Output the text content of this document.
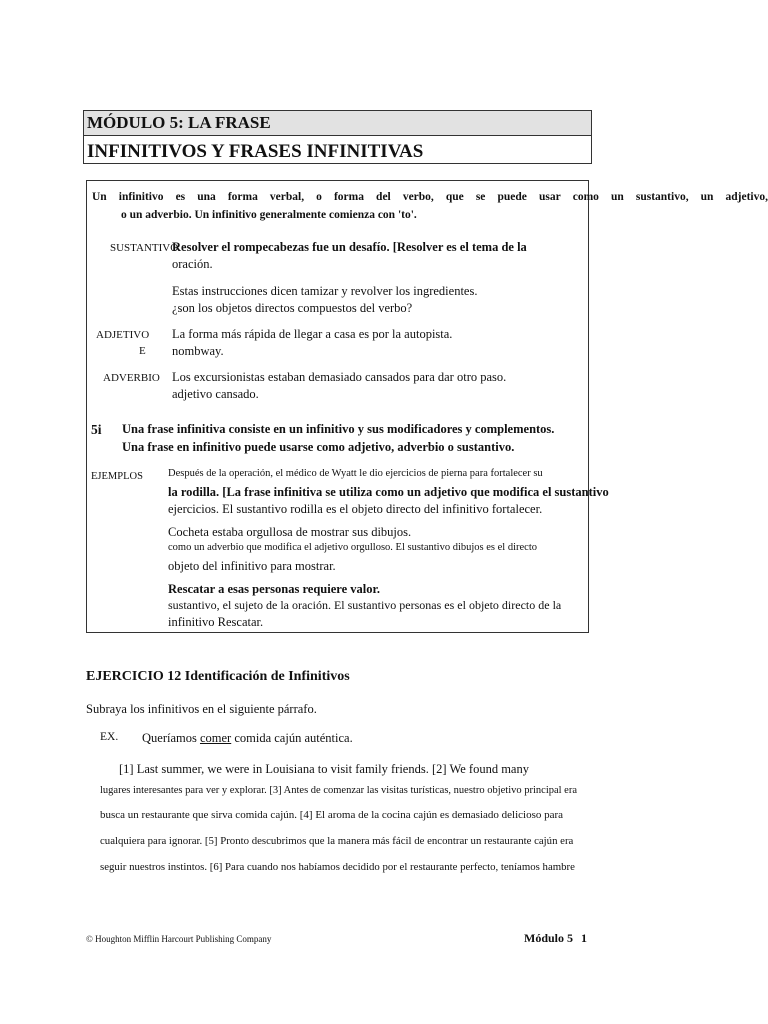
MÓDULO 5: LA FRASE
INFINITIVOS Y FRASES INFINITIVAS
Un infinitivo es una forma verbal, o forma del verbo, que se puede usar como un sustantivo, un adjetivo,
o un adverbio. Un infinitivo generalmente comienza con 'to'.
SUSTANTIVO
Resolver el rompecabezas fue un desafío. [Resolver es el tema de la
oración.
Estas instrucciones dicen tamizar y revolver los ingredientes.
¿son los objetos directos compuestos del verbo?
ADJETIVO
E
La forma más rápida de llegar a casa es por la autopista.
nombway.
ADVERBIO Los excursionistas estaban demasiado cansados para dar otro paso.
adjetivo cansado.
5i Una frase infinitiva consiste en un infinitivo y sus modificadores y complementos.
Una frase en infinitivo puede usarse como adjetivo, adverbio o sustantivo.
EJEMPLOS Después de la operación, el médico de Wyatt le dio ejercicios de pierna para fortalecer su
la rodilla. [La frase infinitiva se utiliza como un adjetivo que modifica el sustantivo
ejercicios. El sustantivo rodilla es el objeto directo del infinitivo fortalecer.
Cocheta estaba orgullosa de mostrar sus dibujos.
como un adverbio que modifica el adjetivo orgulloso. El sustantivo dibujos es el directo
objeto del infinitivo para mostrar.
Rescatar a esas personas requiere valor.
sustantivo, el sujeto de la oración. El sustantivo personas es el objeto directo de la
infinitivo Rescatar.
EJERCICIO 12 Identificación de Infinitivos
Subraya los infinitivos en el siguiente párrafo.
EX. Queríamos comer comida cajún auténtica.
[1] Last summer, we were in Louisiana to visit family friends. [2] We found many
lugares interesantes para ver y explorar. [3] Antes de comenzar las visitas turísticas, nuestro objetivo principal era
busca un restaurante que sirva comida cajún. [4] El aroma de la cocina cajún es demasiado delicioso para
cualquiera para ignorar. [5] Pronto descubrimos que la manera más fácil de encontrar un restaurante cajún era
seguir nuestros instintos. [6] Para cuando nos habíamos decidido por el restaurante perfecto, teníamos hambre
© Houghton Mifflin Harcourt Publishing Company	Módulo 5 1
